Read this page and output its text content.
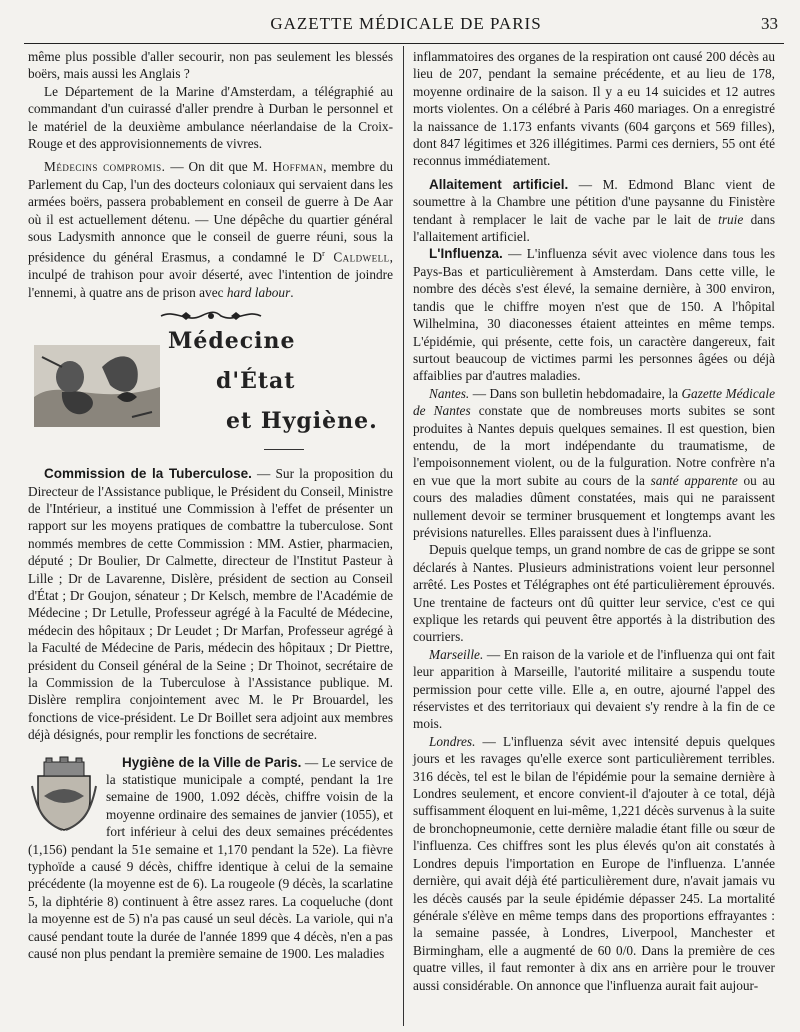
GAZETTE MÉDICALE DE PARIS	33

même plus possible d'aller secourir, non pas seulement les blessés boërs, mais aussi les Anglais ?

Le Département de la Marine d'Amsterdam, a télégraphié au commandant d'un cuirassé d'aller prendre à Durban le personnel et le matériel de la deuxième ambulance néerlandaise de la Croix-Rouge et des approvisionnements de vivres.

Médecins compromis. — On dit que M. Hoffman, membre du Parlement du Cap, l'un des docteurs coloniaux qui servaient dans les armées boërs, passera probablement en conseil de guerre à De Aar où il est actuellement détenu. — Une dépêche du quartier général sous Ladysmith annonce que le conseil de guerre réuni, sous la présidence du général Erasmus, a condamné le $D^r$ Caldwell, inculpé de trahison pour avoir déserté, avec l'intention de joindre l'ennemi, à quatre ans de prison avec hard labour.

Médecine
d'État
et Hygiène.

Commission de la Tuberculose. — Sur la proposition du Directeur de l'Assistance publique, le Président du Conseil, Ministre de l'Intérieur, a institué une Commission à l'effet de présenter un rapport sur les moyens pratiques de combattre la tuberculose. Sont nommés membres de cette Commission : MM. Astier, pharmacien, député ; Dr Boulier, Dr Calmette, directeur de l'Institut Pasteur à Lille ; Dr de Lavarenne, Dislère, président de section au Conseil d'État ; Dr Goujon, sénateur ; Dr Kelsch, membre de l'Académie de Médecine ; Dr Letulle, Professeur agrégé à la Faculté de Médecine, médecin des hôpitaux ; Dr Leudet ; Dr Marfan, Professeur agrégé à la Faculté de Médecine de Paris, médecin des hôpitaux ; Dr Piettre, président du Conseil général de la Seine ; Dr Thoinot, secrétaire de la Commission de la Tuberculose à l'Assistance publique. M. Dislère remplira conjointement avec M. le Pr Brouardel, les fonctions de vice-président. Le Dr Boillet sera adjoint aux membres déjà désignés, pour remplir les fonctions de secrétaire.

Hygiène de la Ville de Paris. — Le service de la statistique municipale a compté, pendant la 1re semaine de 1900, 1.092 décès, chiffre voisin de la moyenne ordinaire des semaines de janvier (1055), et fort inférieur à celui des deux semaines précédentes (1,156) pendant la 51e semaine et 1,170 pendant la 52e). La fièvre typhoïde a causé 9 décès, chiffre identique à celui de la semaine précédente (la moyenne est de 6). La rougeole (9 décès, la scarlatine 5, la diphtérie 8) continuent à être assez rares. La coqueluche (dont la moyenne est de 5) n'a pas causé un seul décès. La variole, qui n'a causé pendant toute la durée de l'année 1899 que 4 décès, n'en a pas causé non plus pendant la première semaine de 1900. Les maladies

inflammatoires des organes de la respiration ont causé 200 décès au lieu de 207, pendant la semaine précédente, et au lieu de 178, moyenne ordinaire de la saison. Il y a eu 14 suicides et 12 autres morts violentes. On a célébré à Paris 460 mariages. On a enregistré la naissance de 1.173 enfants vivants (604 garçons et 569 filles), dont 847 légitimes et 326 illégitimes. Parmi ces derniers, 55 ont été reconnus immédiatement.

Allaitement artificiel. — M. Edmond Blanc vient de soumettre à la Chambre une pétition d'une paysanne du Finistère tendant à remplacer le lait de vache par le lait de truie dans l'allaitement artificiel.

L'Influenza. — L'influenza sévit avec violence dans tous les Pays-Bas et particulièrement à Amsterdam. Dans cette ville, le nombre des décès s'est élevé, la semaine dernière, à 300 environ, tandis que le chiffre moyen n'est que de 150. A l'hôpital Wilhelmina, 30 diaconesses étaient atteintes en même temps. L'épidémie, qui présente, cette fois, un caractère dangereux, fait surtout beaucoup de victimes parmi les personnes âgées ou déjà affaiblies par d'autres maladies.

Nantes. — Dans son bulletin hebdomadaire, la Gazette Médicale de Nantes constate que de nombreuses morts subites se sont produites à Nantes depuis quelques semaines. Il est question, bien entendu, de la mort indépendante du traumatisme, de l'empoisonnement violent, ou de la fulguration. Notre confrère n'a en vue que la mort subite au cours de la santé apparente ou au cours des maladies dûment constatées, mais qui ne paraissent nullement devoir se terminer brusquement et longtemps avant les prévisions naturelles. Elles paraissent dues à l'influenza.

Depuis quelque temps, un grand nombre de cas de grippe se sont déclarés à Nantes. Plusieurs administrations voient leur personnel arrêté. Les Postes et Télégraphes ont été particulièrement éprouvés. Une trentaine de facteurs ont dû quitter leur service, c'est ce qui explique les retards qui peuvent être apportés à la distribution des courriers.

Marseille. — En raison de la variole et de l'influenza qui ont fait leur apparition à Marseille, l'autorité militaire a suspendu toute permission pour cette ville. Elle a, en outre, ajourné l'appel des réservistes et des territoriaux qui devaient s'y rendre à la fin de ce mois.

Londres. — L'influenza sévit avec intensité depuis quelques jours et les ravages qu'elle exerce sont particulièrement terribles. 316 décès, tel est le bilan de l'épidémie pour la semaine dernière à Londres seulement, et encore convient-il d'ajouter à ce total, déjà suffisamment éloquent en lui-même, 1,221 décès survenus à la suite de bronchopneumonie, cette dernière maladie étant fille ou sœur de l'influenza. Ces chiffres sont les plus élevés qu'on ait constatés à Londres depuis l'importation en Europe de l'influenza. L'année dernière, qui avait déjà été particulièrement dure, n'avait jamais vu les décès causés par la seule épidémie dépasser 245. La mortalité générale s'élève en même temps dans des proportions effrayantes : la semaine passée, à Londres, Liverpool, Manchester et Birmingham, elle a augmenté de 60 0/0. Dans la première de ces quatre villes, il faut remonter à dix ans en arrière pour le trouver aussi considérable. On annonce que l'influenza aurait fait aujour-
